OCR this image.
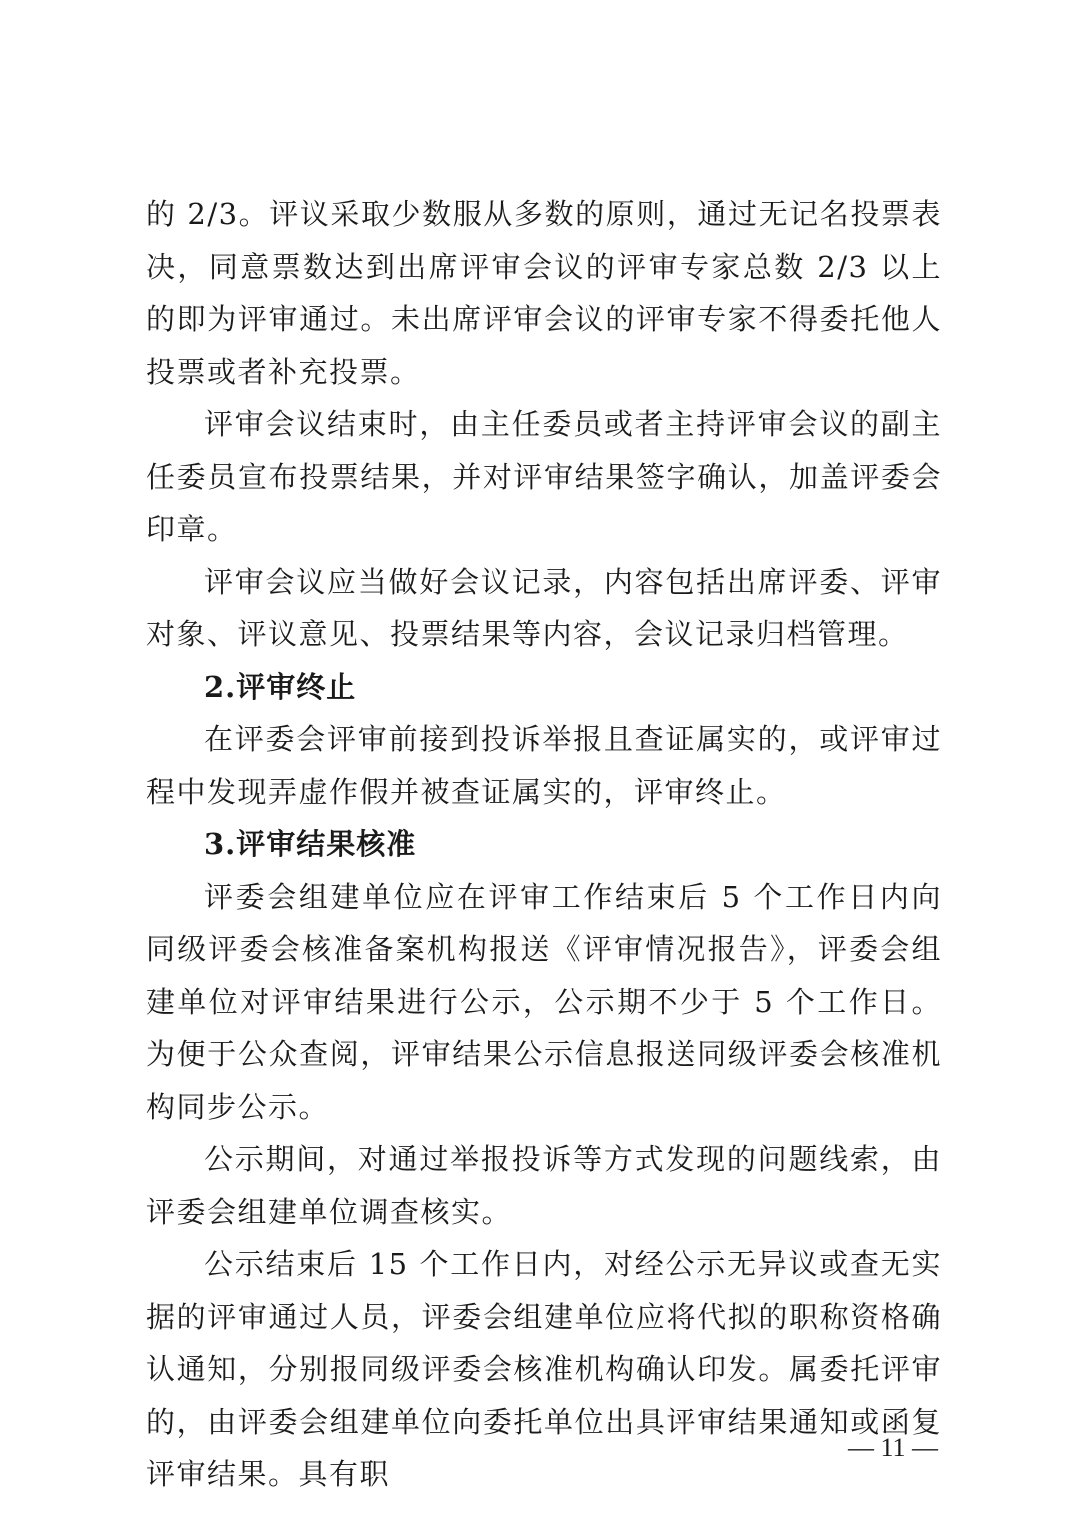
的 2/3。评议采取少数服从多数的原则，通过无记名投票表决，同意票数达到出席评审会议的评审专家总数 2/3 以上的即为评审通过。未出席评审会议的评审专家不得委托他人投票或者补充投票。

评审会议结束时，由主任委员或者主持评审会议的副主任委员宣布投票结果，并对评审结果签字确认，加盖评委会印章。

评审会议应当做好会议记录，内容包括出席评委、评审对象、评议意见、投票结果等内容，会议记录归档管理。

2.评审终止

在评委会评审前接到投诉举报且查证属实的，或评审过程中发现弄虚作假并被查证属实的，评审终止。

3.评审结果核准

评委会组建单位应在评审工作结束后 5 个工作日内向同级评委会核准备案机构报送《评审情况报告》，评委会组建单位对评审结果进行公示，公示期不少于 5 个工作日。为便于公众查阅，评审结果公示信息报送同级评委会核准机构同步公示。

公示期间，对通过举报投诉等方式发现的问题线索，由评委会组建单位调查核实。

公示结束后 15 个工作日内，对经公示无异议或查无实据的评审通过人员，评委会组建单位应将代拟的职称资格确认通知，分别报同级评委会核准机构确认印发。属委托评审的，由评委会组建单位向委托单位出具评审结果通知或函复评审结果。具有职

— 11 —
